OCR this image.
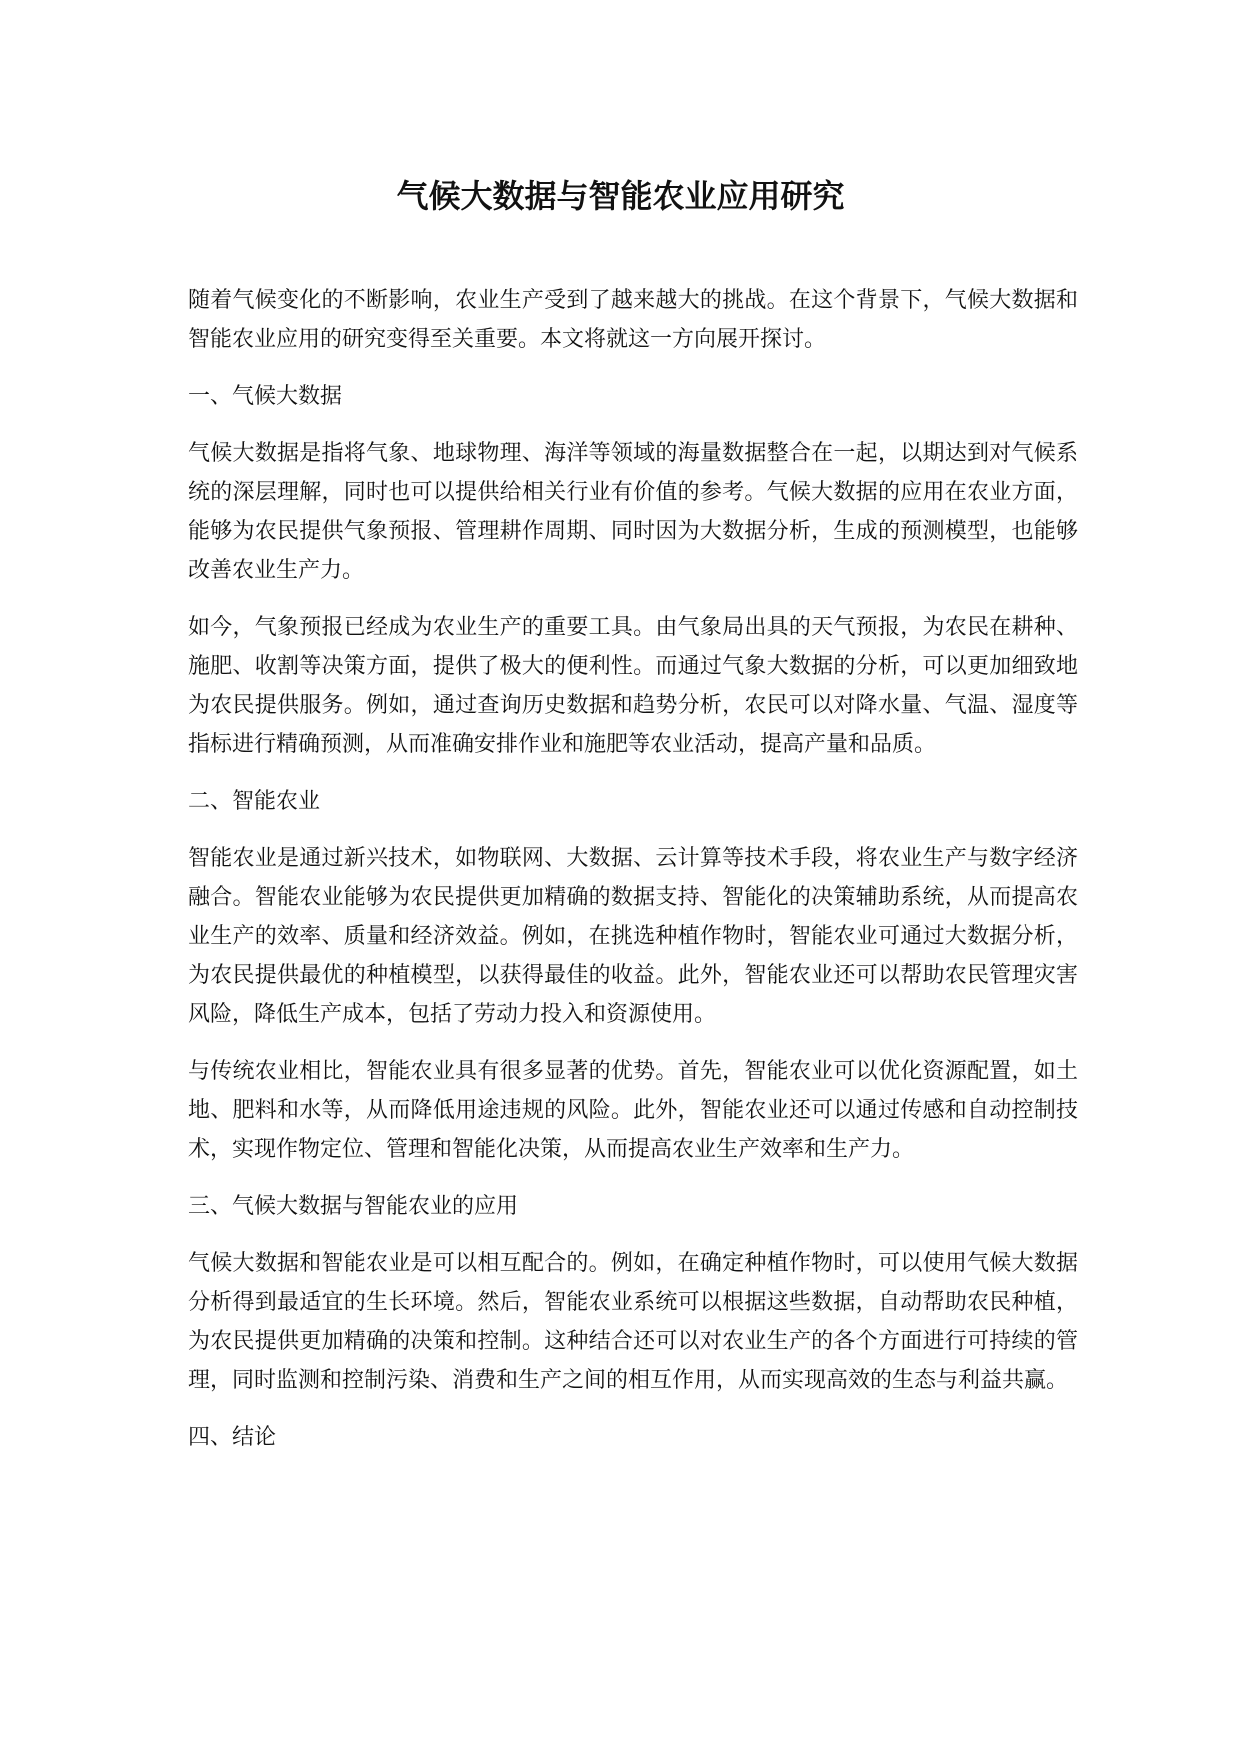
气候大数据与智能农业应用研究

随着气候变化的不断影响，农业生产受到了越来越大的挑战。在这个背景下，气候大数据和智能农业应用的研究变得至关重要。本文将就这一方向展开探讨。

一、气候大数据

气候大数据是指将气象、地球物理、海洋等领域的海量数据整合在一起，以期达到对气候系统的深层理解，同时也可以提供给相关行业有价值的参考。气候大数据的应用在农业方面，能够为农民提供气象预报、管理耕作周期、同时因为大数据分析，生成的预测模型，也能够改善农业生产力。

如今，气象预报已经成为农业生产的重要工具。由气象局出具的天气预报，为农民在耕种、施肥、收割等决策方面，提供了极大的便利性。而通过气象大数据的分析，可以更加细致地为农民提供服务。例如，通过查询历史数据和趋势分析，农民可以对降水量、气温、湿度等指标进行精确预测，从而准确安排作业和施肥等农业活动，提高产量和品质。

二、智能农业

智能农业是通过新兴技术，如物联网、大数据、云计算等技术手段，将农业生产与数字经济融合。智能农业能够为农民提供更加精确的数据支持、智能化的决策辅助系统，从而提高农业生产的效率、质量和经济效益。例如，在挑选种植作物时，智能农业可通过大数据分析，为农民提供最优的种植模型，以获得最佳的收益。此外，智能农业还可以帮助农民管理灾害风险，降低生产成本，包括了劳动力投入和资源使用。

与传统农业相比，智能农业具有很多显著的优势。首先，智能农业可以优化资源配置，如土地、肥料和水等，从而降低用途违规的风险。此外，智能农业还可以通过传感和自动控制技术，实现作物定位、管理和智能化决策，从而提高农业生产效率和生产力。

三、气候大数据与智能农业的应用

气候大数据和智能农业是可以相互配合的。例如，在确定种植作物时，可以使用气候大数据分析得到最适宜的生长环境。然后，智能农业系统可以根据这些数据，自动帮助农民种植，为农民提供更加精确的决策和控制。这种结合还可以对农业生产的各个方面进行可持续的管理，同时监测和控制污染、消费和生产之间的相互作用，从而实现高效的生态与利益共赢。

四、结论
